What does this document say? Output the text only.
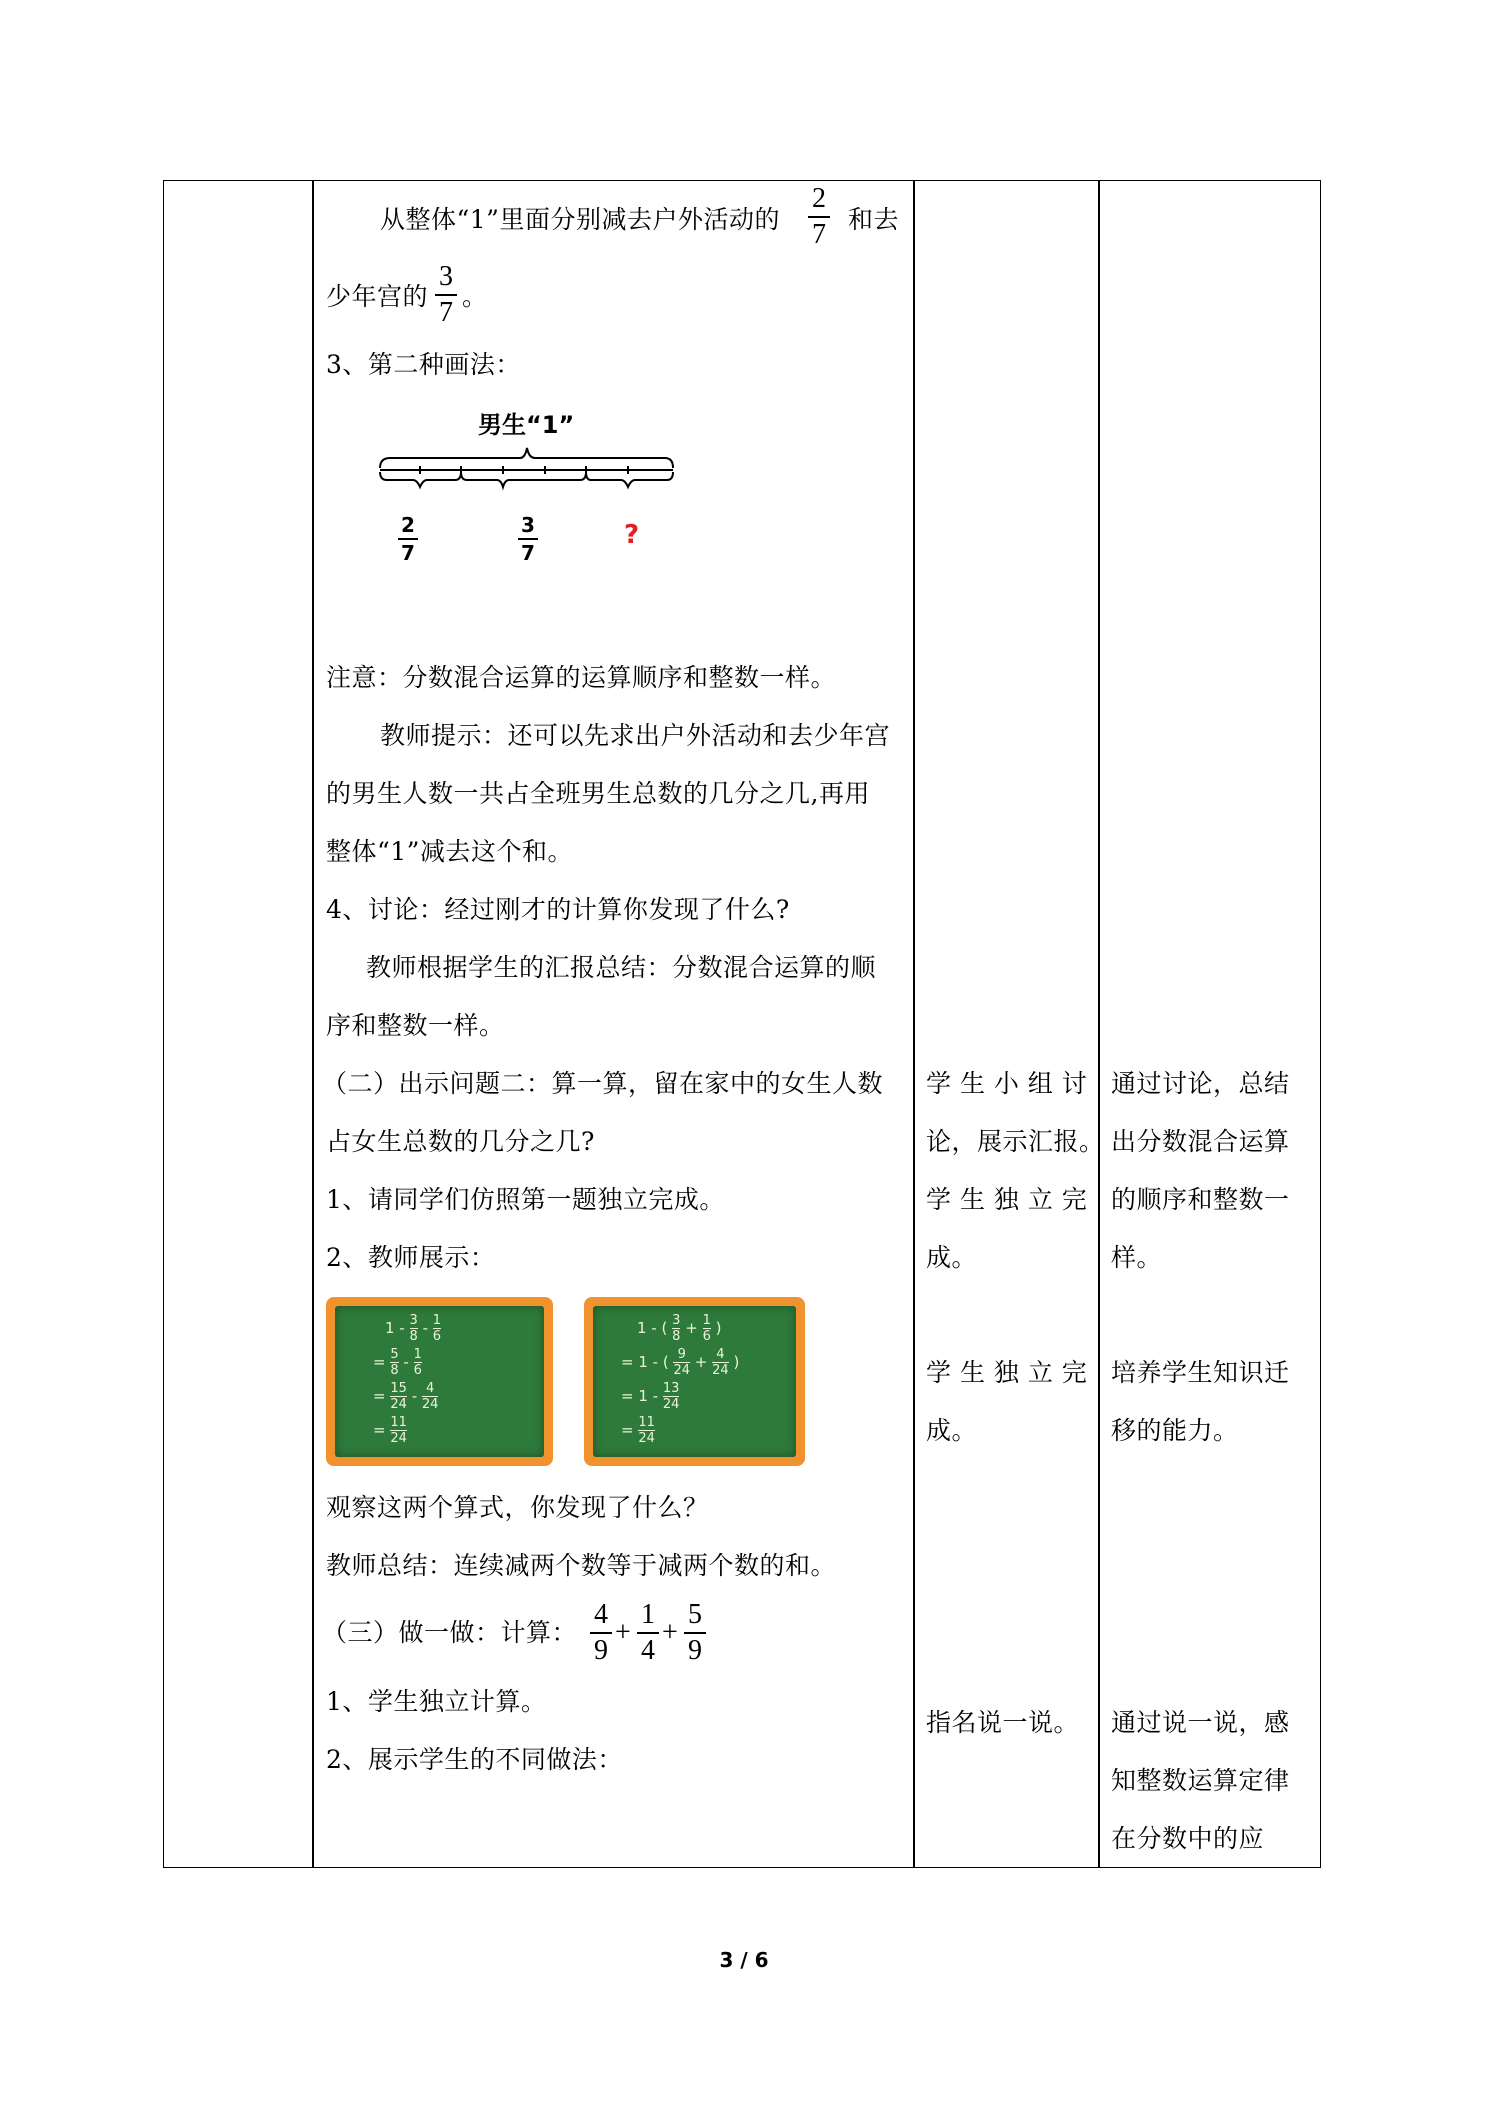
从整体“1”里面分别减去户外活动的
2
7 和去
少年宫的
3
7 。
3、第二种画法：
男生“1”
2
7
3
7
?
注意：分数混合运算的运算顺序和整数一样。
教师提示：还可以先求出户外活动和去少年宫
的男生人数一共占全班男生总数的几分之几,再用
整体“1”减去这个和。
4、讨论：经过刚才的计算你发现了什么?
教师根据学生的汇报总结：分数混合运算的顺
序和整数一样。
（二）出示问题二：算一算，留在家中的女生人数
占女生总数的几分之几?
1、请同学们仿照第一题独立完成。
2、教师展示：
$1 - \frac{3}{8} - \frac{1}{6}$
= $\frac{5}{8} - \frac{1}{6}$
= $\frac{15}{24} - \frac{4}{24}$
= $\frac{11}{24}$
1 - ( $\frac{3}{8} + \frac{1}{6}$ )
= 1 - ( $\frac{9}{24} + \frac{4}{24}$ )
= $1 - \frac{13}{24}$
= $\frac{11}{24}$
观察这两个算式，你发现了什么？
教师总结：连续减两个数等于减两个数的和。
（三）做一做：计算：
4
9
+
1
4
+
5
9
1、学生独立计算。
2、展示学生的不同做法：
学 生 小 组 讨
论，展示汇报。
学 生 独 立 完
成。
学 生 独 立 完
成。
指名说一说。
通过讨论，总结
出分数混合运算
的顺序和整数一
样。
培养学生知识迁
移的能力。
通过说一说，感
知整数运算定律
在分数中的应
3 / 6
